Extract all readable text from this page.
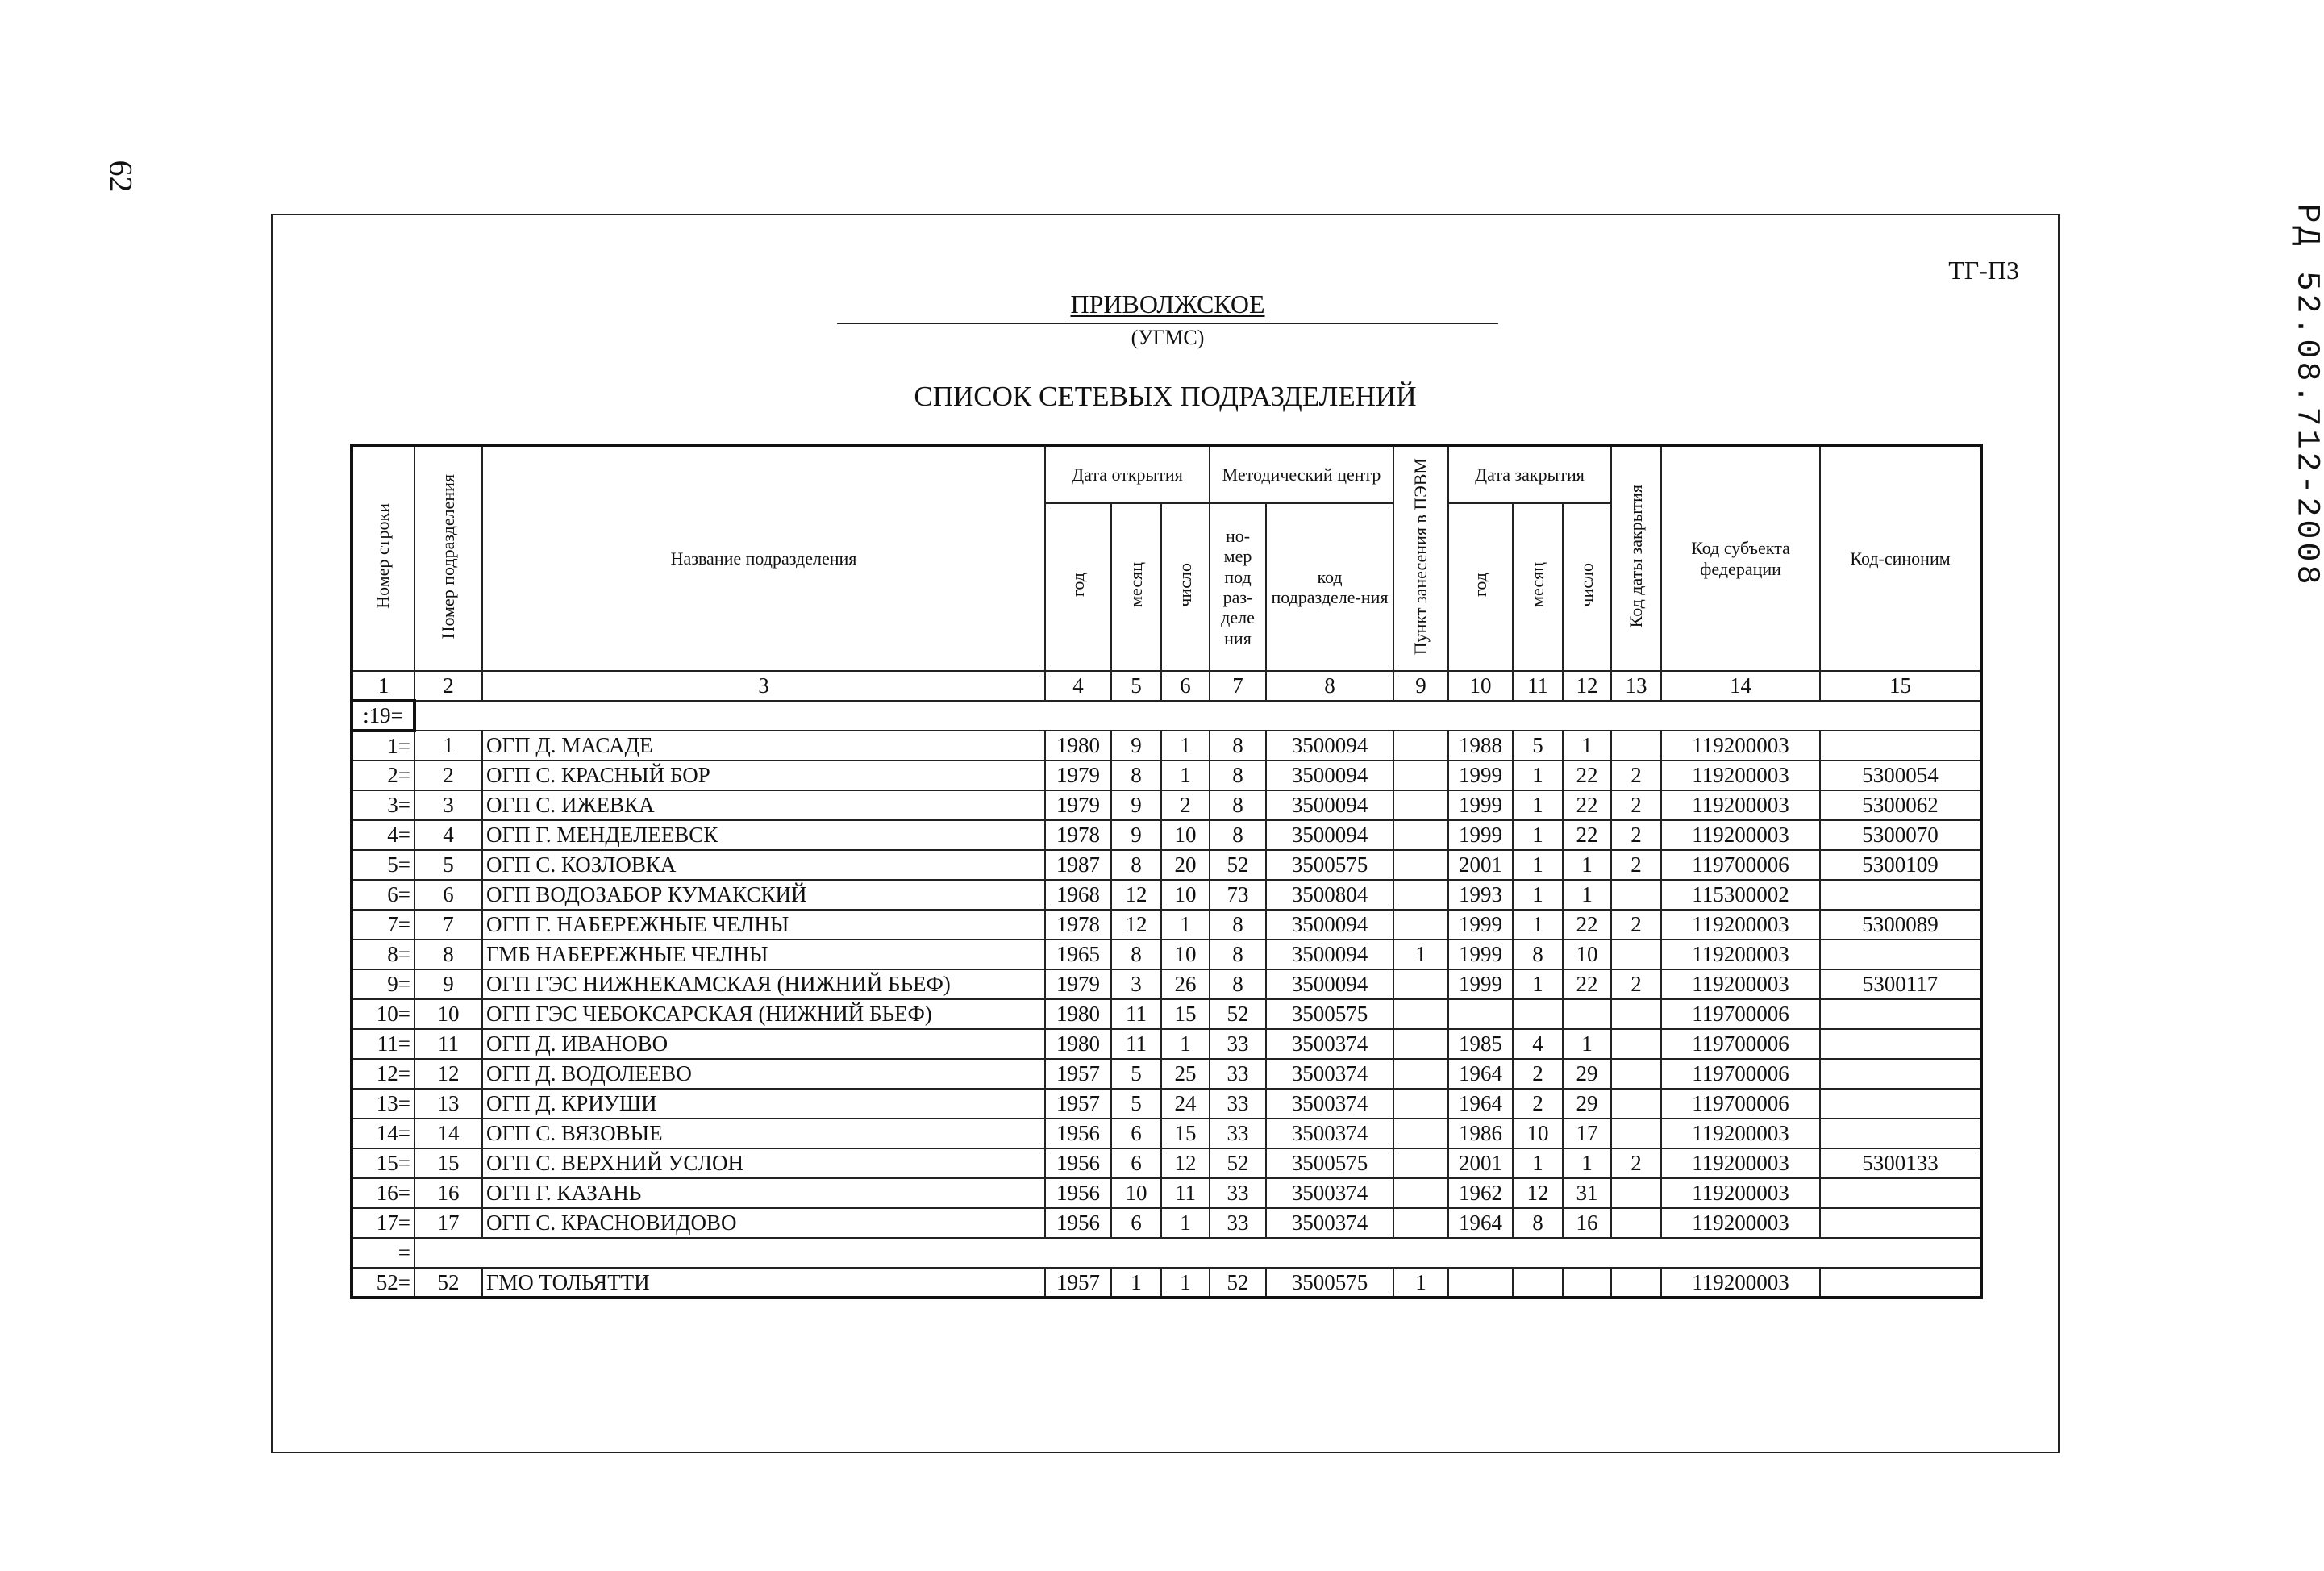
62
РД 52.08.712-2008
ТГ-П3
ПРИВОЛЖСКОЕ
(УГМС)
СПИСОК СЕТЕВЫХ ПОДРАЗДЕЛЕНИЙ
Номер строки	Номер подразделения	Название подразделения	Дата открытия			Методический центр		Пункт занесения в ПЭВМ	Дата закрытия			Код даты закрытия	Код субъекта федерации	Код-синоним
			год	месяц	число	но-мер под раз-деле ния	код подразделе-ния		год	месяц	число			
1	2	3	4	5	6	7	8	9	10	11	12	13	14	15
:19=														
1=	1	ОГП Д. МАСАДЕ	1980	9	1	8	3500094		1988	5	1		119200003	
2=	2	ОГП С. КРАСНЫЙ БОР	1979	8	1	8	3500094		1999	1	22	2	119200003	5300054
3=	3	ОГП С. ИЖЕВКА	1979	9	2	8	3500094		1999	1	22	2	119200003	5300062
4=	4	ОГП Г. МЕНДЕЛЕЕВСК	1978	9	10	8	3500094		1999	1	22	2	119200003	5300070
5=	5	ОГП С. КОЗЛОВКА	1987	8	20	52	3500575		2001	1	1	2	119700006	5300109
6=	6	ОГП ВОДОЗАБОР КУМАКСКИЙ	1968	12	10	73	3500804		1993	1	1		115300002	
7=	7	ОГП Г. НАБЕРЕЖНЫЕ ЧЕЛНЫ	1978	12	1	8	3500094		1999	1	22	2	119200003	5300089
8=	8	ГМБ НАБЕРЕЖНЫЕ ЧЕЛНЫ	1965	8	10	8	3500094	1	1999	8	10		119200003	
9=	9	ОГП ГЭС НИЖНЕКАМСКАЯ (НИЖНИЙ БЬЕФ)	1979	3	26	8	3500094		1999	1	22	2	119200003	5300117
10=	10	ОГП ГЭС ЧЕБОКСАРСКАЯ (НИЖНИЙ БЬЕФ)	1980	11	15	52	3500575						119700006	
11=	11	ОГП Д. ИВАНОВО	1980	11	1	33	3500374		1985	4	1		119700006	
12=	12	ОГП Д. ВОДОЛЕЕВО	1957	5	25	33	3500374		1964	2	29		119700006	
13=	13	ОГП Д. КРИУШИ	1957	5	24	33	3500374		1964	2	29		119700006	
14=	14	ОГП С. ВЯЗОВЫЕ	1956	6	15	33	3500374		1986	10	17		119200003	
15=	15	ОГП С. ВЕРХНИЙ УСЛОН	1956	6	12	52	3500575		2001	1	1	2	119200003	5300133
16=	16	ОГП Г. КАЗАНЬ	1956	10	11	33	3500374		1962	12	31		119200003	
17=	17	ОГП С. КРАСНОВИДОВО	1956	6	1	33	3500374		1964	8	16		119200003	
=														
52=	52	ГМО ТОЛЬЯТТИ	1957	1	1	52	3500575	1					119200003	
